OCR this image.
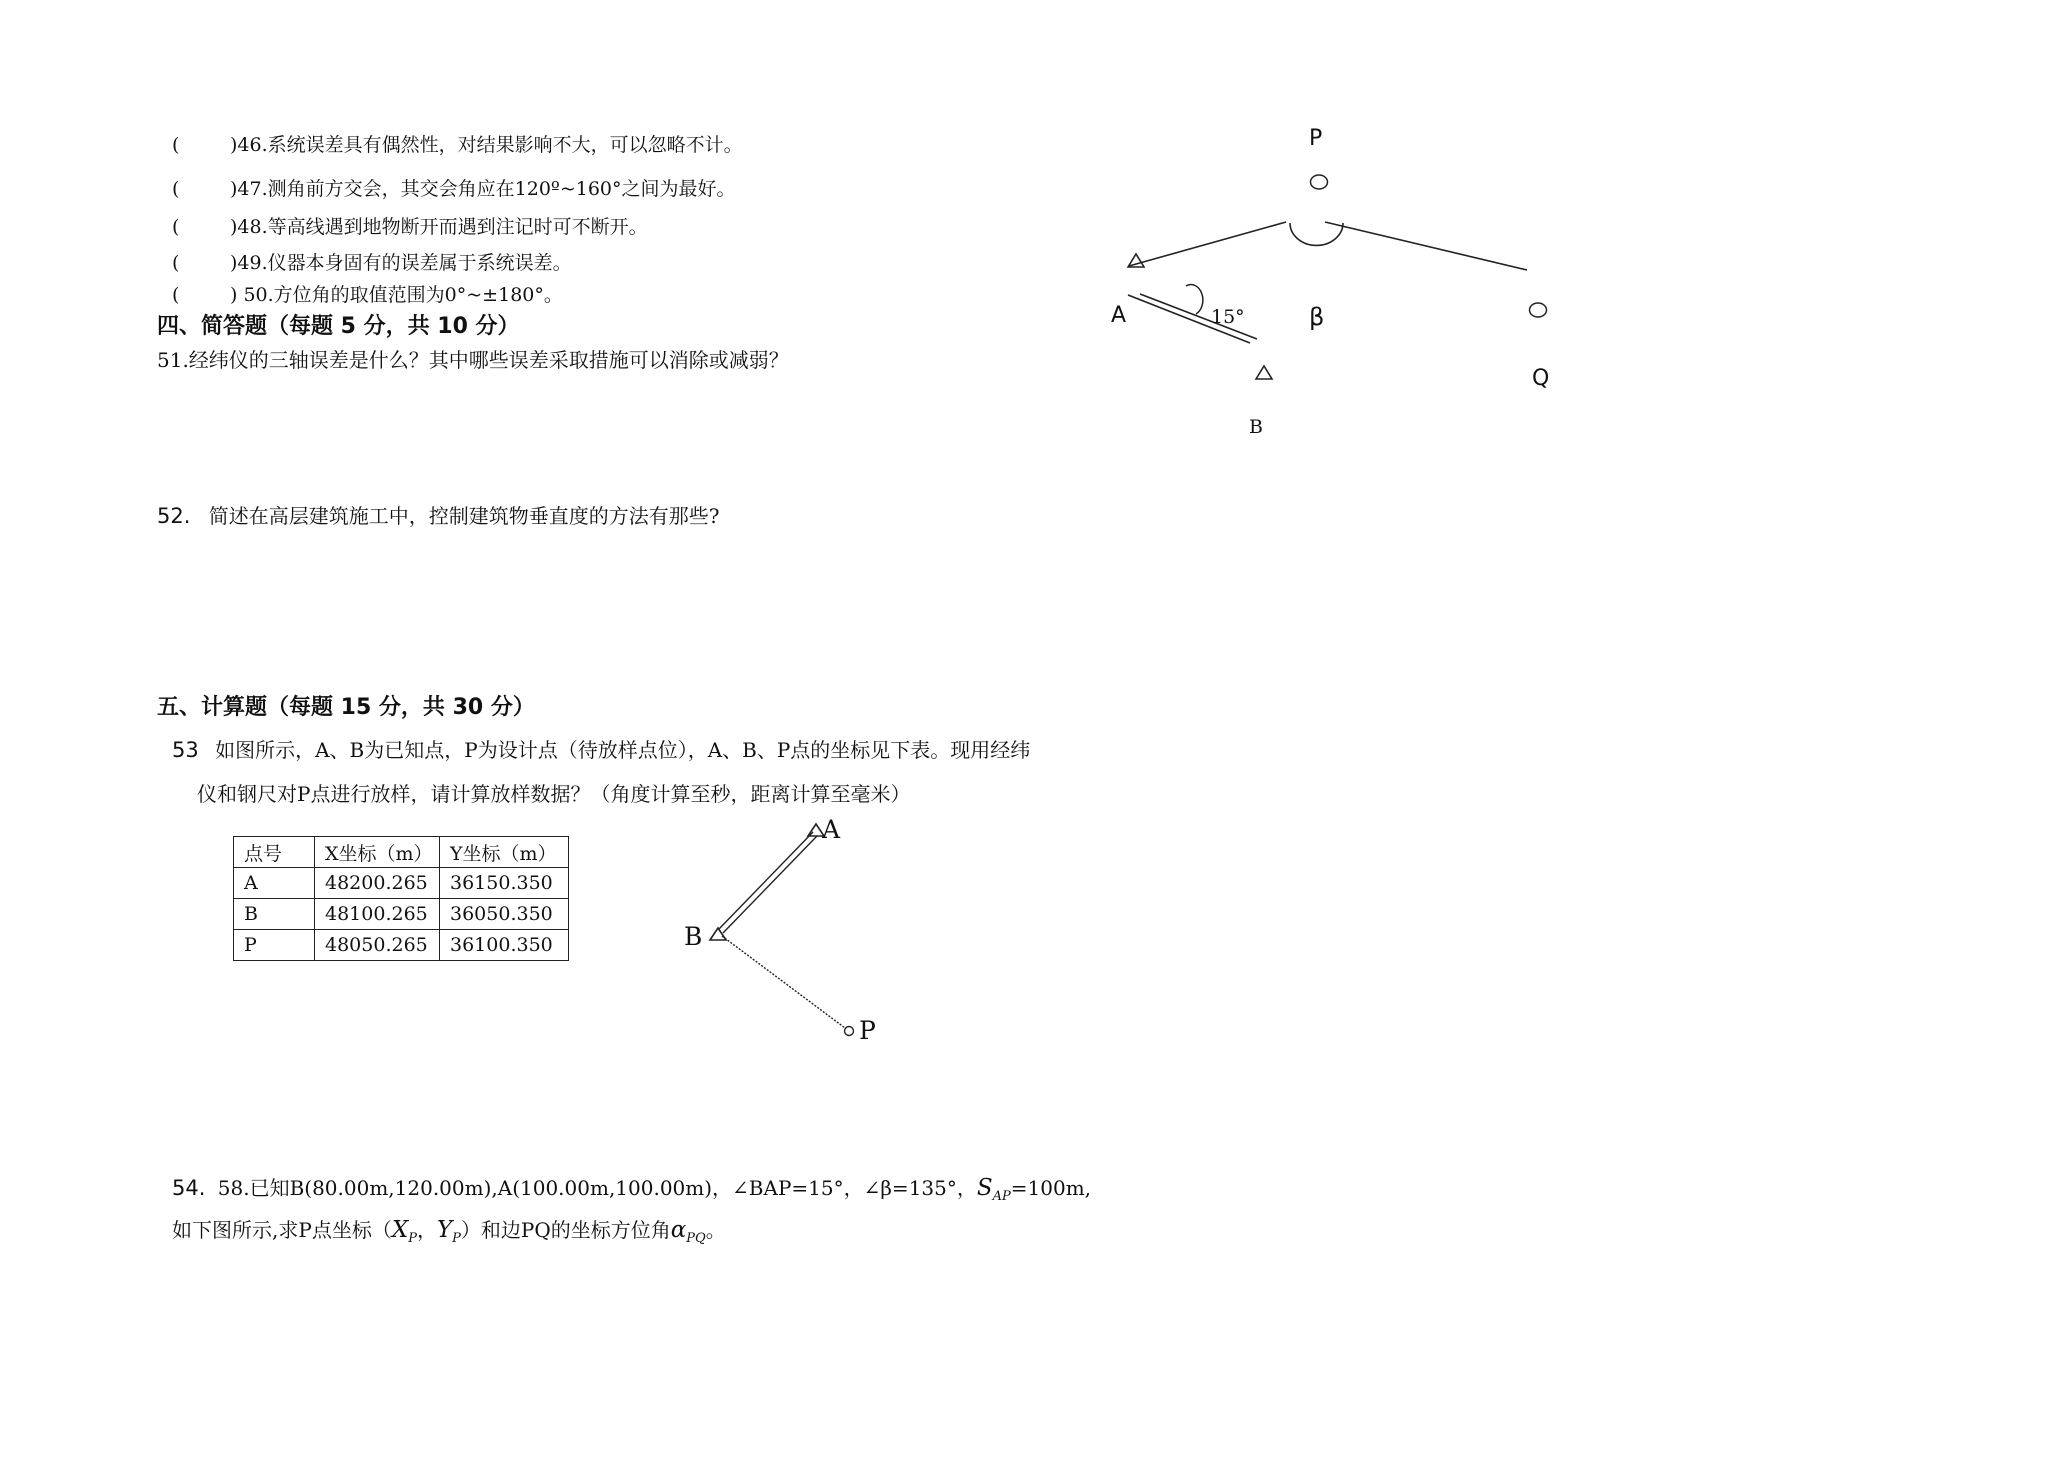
(	)46.系统误差具有偶然性，对结果影响不大，可以忽略不计。
(	)47.测角前方交会，其交会角应在120º~160°之间为最好。
(	)48.等高线遇到地物断开而遇到注记时可不断开。
(	)49.仪器本身固有的误差属于系统误差。
(	) 50.方位角的取值范围为0°~±180°。
四、简答题（每题 5 分，共 10 分）
51.经纬仪的三轴误差是什么？其中哪些误差采取措施可以消除或减弱？
52. 简述在高层建筑施工中，控制建筑物垂直度的方法有那些?
五、计算题（每题 15 分，共 30 分）
53 如图所示，A、B为已知点，P为设计点（待放样点位），A、B、P点的坐标见下表。现用经纬
仪和钢尺对P点进行放样，请计算放样数据？（角度计算至秒，距离计算至毫米）
点号	X坐标（m）	Y坐标（m）
A	48200.265	36150.350
B	48100.265	36050.350
P	48050.265	36100.350
A
B
P
54. 58.已知B(80.00m,120.00m),A(100.00m,100.00m)，∠BAP=15°，∠β=135°，$S_{AP}=100m$,
如下图所示,求P点坐标（$X_P$，$Y_P$）和边PQ的坐标方位角$\alpha_{PQ}$。
P
A	15°	β
Q
B
